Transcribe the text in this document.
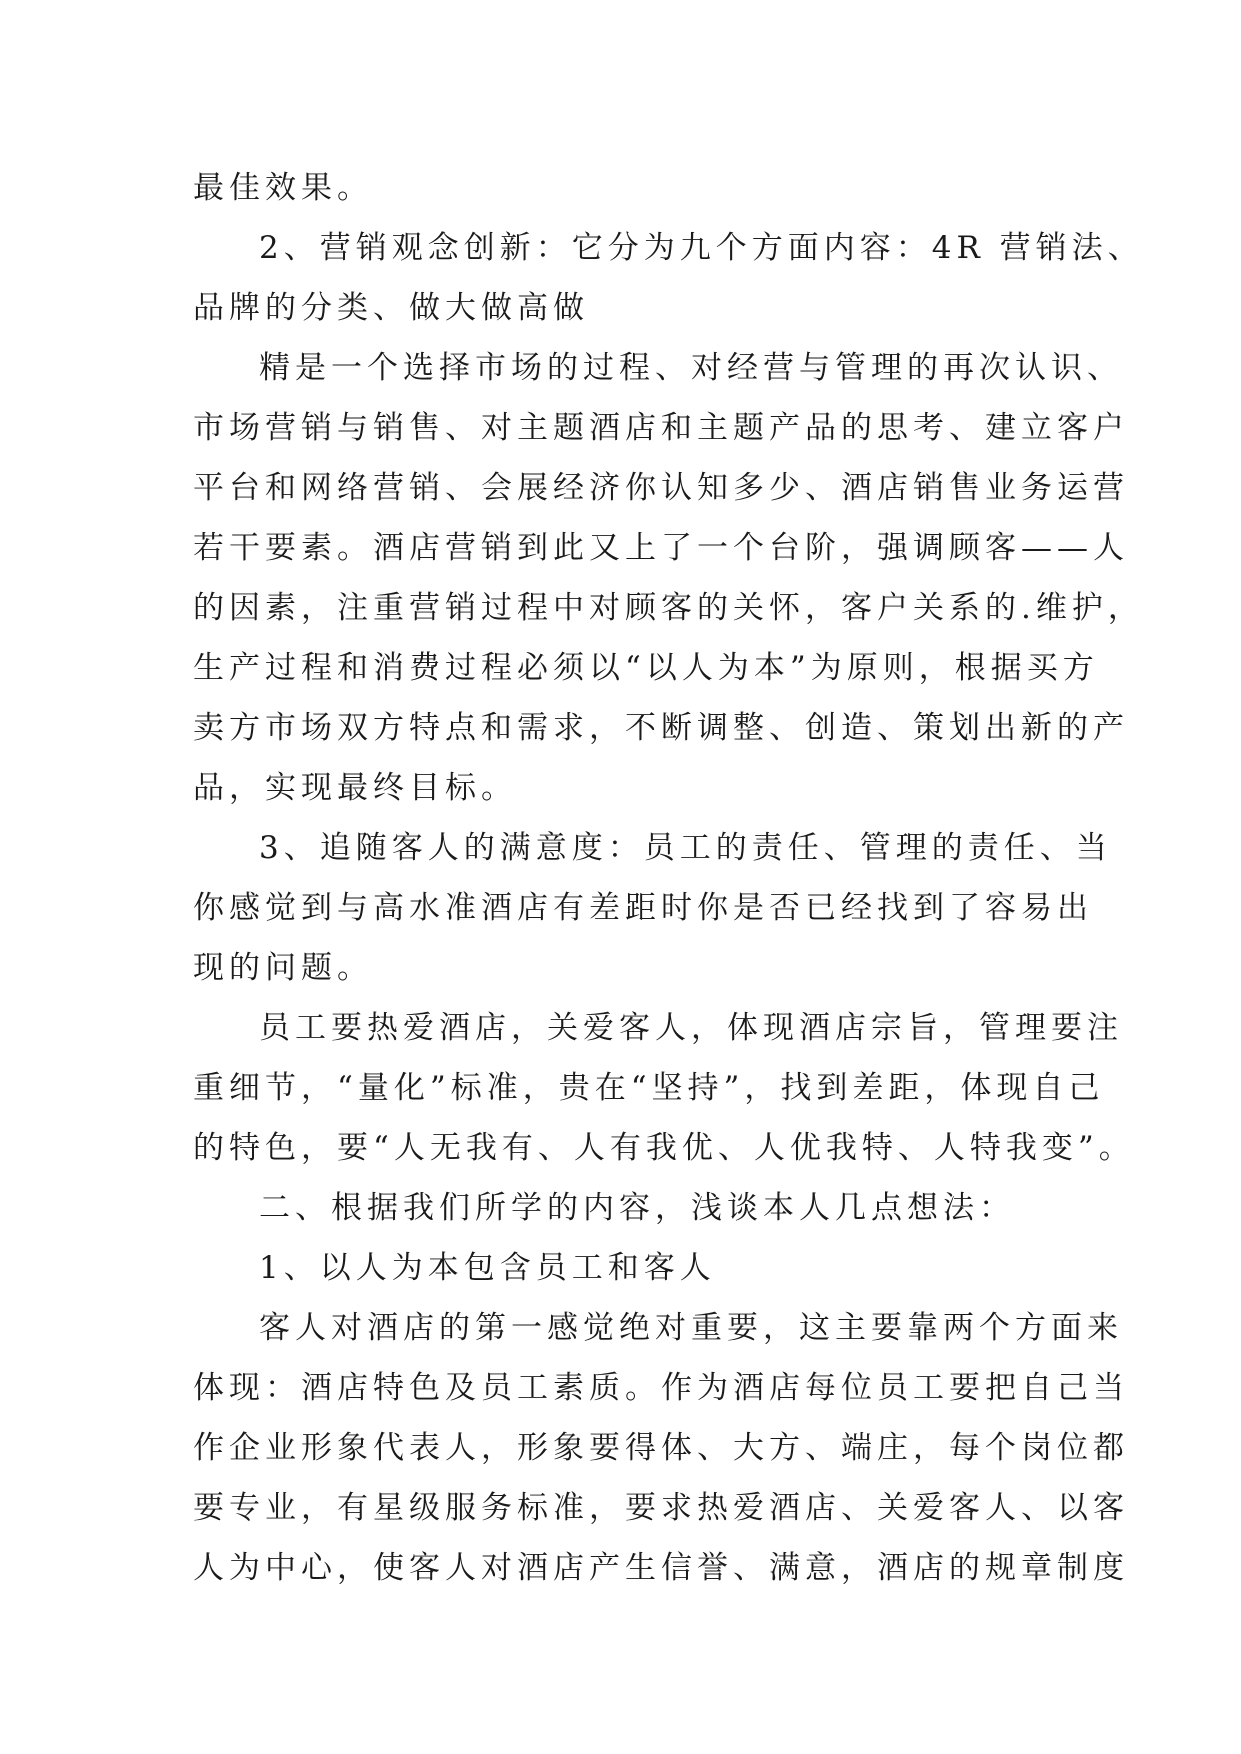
最佳效果。
2、营销观念创新：它分为九个方面内容：4R 营销法、
品牌的分类、做大做高做
精是一个选择市场的过程、对经营与管理的再次认识、
市场营销与销售、对主题酒店和主题产品的思考、建立客户
平台和网络营销、会展经济你认知多少、酒店销售业务运营
若干要素。酒店营销到此又上了一个台阶，强调顾客——人
的因素，注重营销过程中对顾客的关怀，客户关系的.维护，
生产过程和消费过程必须以“以人为本”为原则，根据买方
卖方市场双方特点和需求，不断调整、创造、策划出新的产
品，实现最终目标。
3、追随客人的满意度：员工的责任、管理的责任、当
你感觉到与高水准酒店有差距时你是否已经找到了容易出
现的问题。
员工要热爱酒店，关爱客人，体现酒店宗旨，管理要注
重细节，“量化”标准，贵在“坚持”，找到差距，体现自己
的特色，要“人无我有、人有我优、人优我特、人特我变”。
二、根据我们所学的内容，浅谈本人几点想法：
1、以人为本包含员工和客人
客人对酒店的第一感觉绝对重要，这主要靠两个方面来
体现：酒店特色及员工素质。作为酒店每位员工要把自己当
作企业形象代表人，形象要得体、大方、端庄，每个岗位都
要专业，有星级服务标准，要求热爱酒店、关爱客人、以客
人为中心，使客人对酒店产生信誉、满意，酒店的规章制度
